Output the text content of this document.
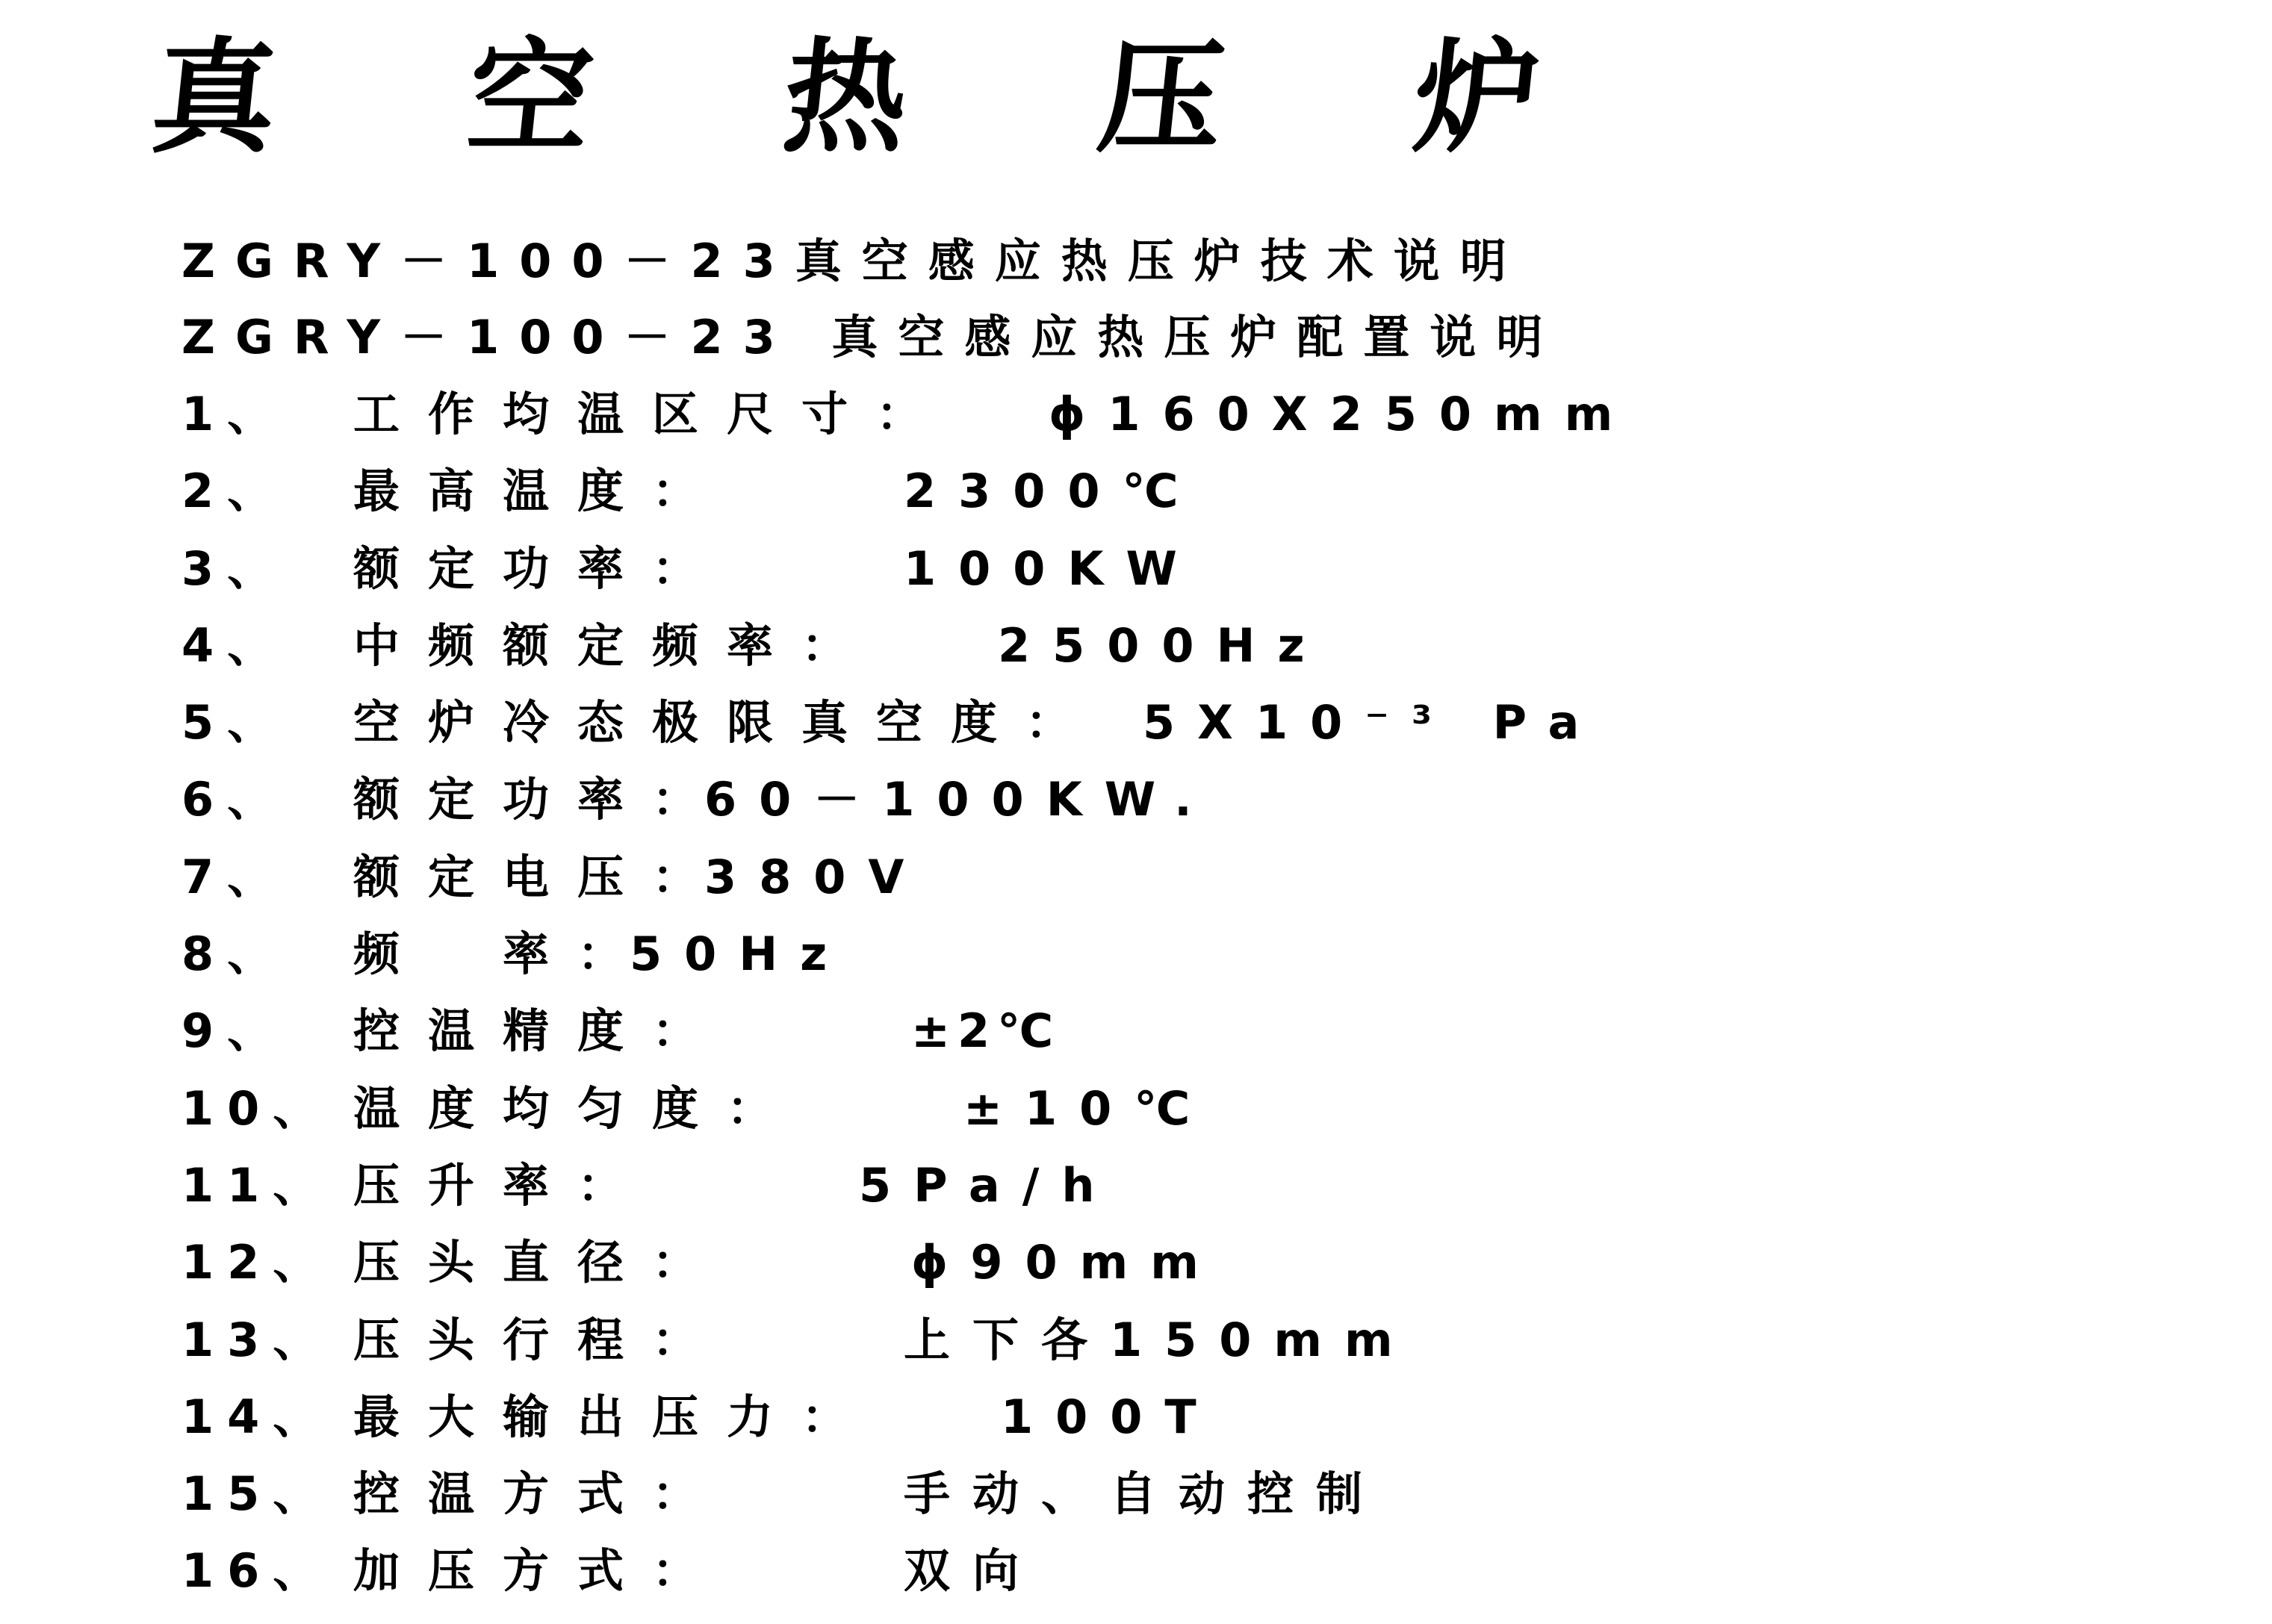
真 空 热 压 炉
ZGRY－100－23真空感应热压炉技术说明
ZGRY－100－23 真空感应热压炉配置说明
1、 工作均温区尺寸： ϕ160X250mm
2、 最高温度：	2300℃
3、 额定功率：	100KW
4、 中频额定频率：	2500Hz
5、 空炉冷态极限真空度： 5X10⁻³ Pa
6、 额定功率：
60－100KW.
7、 额定电压：
380V
8、 频　率：
50Hz
9、 控温精度：	±2℃
10、 温度均匀度：	±10℃
11、 压升率：	5Pa/h
12、 压头直径：	ϕ90mm
13、 压头行程：	上下各150mm
14、 最大输出压力：	100T
15、 控温方式：	手动、自动控制
16、 加压方式：	双向
